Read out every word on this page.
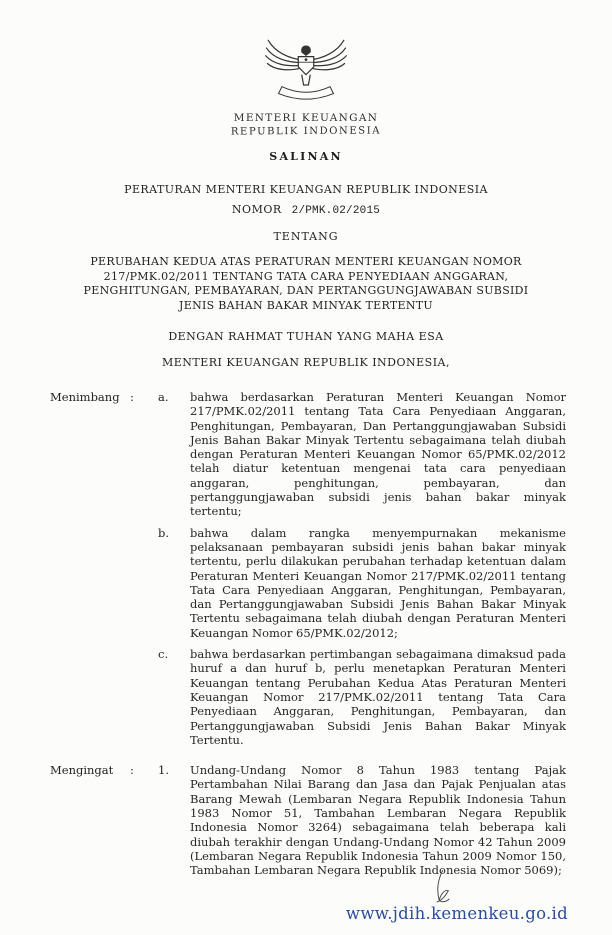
MENTERI KEUANGAN
REPUBLIK INDONESIA
SALINAN
PERATURAN MENTERI KEUANGAN REPUBLIK INDONESIA
NOMOR 2/PMK.02/2015
TENTANG
PERUBAHAN KEDUA ATAS PERATURAN MENTERI KEUANGAN NOMOR 217/PMK.02/2011 TENTANG TATA CARA PENYEDIAAN ANGGARAN, PENGHITUNGAN, PEMBAYARAN, DAN PERTANGGUNGJAWABAN SUBSIDI JENIS BAHAN BAKAR MINYAK TERTENTU
DENGAN RAHMAT TUHAN YANG MAHA ESA
MENTERI KEUANGAN REPUBLIK INDONESIA,
Menimbang :	a.	bahwa berdasarkan Peraturan Menteri Keuangan Nomor 217/PMK.02/2011 tentang Tata Cara Penyediaan Anggaran, Penghitungan, Pembayaran, Dan Pertanggungjawaban Subsidi Jenis Bahan Bakar Minyak Tertentu sebagaimana telah diubah dengan Peraturan Menteri Keuangan Nomor 65/PMK.02/2012 telah diatur ketentuan mengenai tata cara penyediaan anggaran, penghitungan, pembayaran, dan pertanggungjawaban subsidi jenis bahan bakar minyak tertentu;
b.	bahwa dalam rangka menyempurnakan mekanisme pelaksanaan pembayaran subsidi jenis bahan bakar minyak tertentu, perlu dilakukan perubahan terhadap ketentuan dalam Peraturan Menteri Keuangan Nomor 217/PMK.02/2011 tentang Tata Cara Penyediaan Anggaran, Penghitungan, Pembayaran, dan Pertanggungjawaban Subsidi Jenis Bahan Bakar Minyak Tertentu sebagaimana telah diubah dengan Peraturan Menteri Keuangan Nomor 65/PMK.02/2012;
c.	bahwa berdasarkan pertimbangan sebagaimana dimaksud pada huruf a dan huruf b, perlu menetapkan Peraturan Menteri Keuangan tentang Perubahan Kedua Atas Peraturan Menteri Keuangan Nomor 217/PMK.02/2011 tentang Tata Cara Penyediaan Anggaran, Penghitungan, Pembayaran, dan Pertanggungjawaban Subsidi Jenis Bahan Bakar Minyak Tertentu.
Mengingat	:	1.	Undang-Undang Nomor 8 Tahun 1983 tentang Pajak Pertambahan Nilai Barang dan Jasa dan Pajak Penjualan atas Barang Mewah (Lembaran Negara Republik Indonesia Tahun 1983 Nomor 51, Tambahan Lembaran Negara Republik Indonesia Nomor 3264) sebagaimana telah beberapa kali diubah terakhir dengan Undang-Undang Nomor 42 Tahun 2009 (Lembaran Negara Republik Indonesia Tahun 2009 Nomor 150, Tambahan Lembaran Negara Republik Indonesia Nomor 5069);
www.jdih.kemenkeu.go.id
